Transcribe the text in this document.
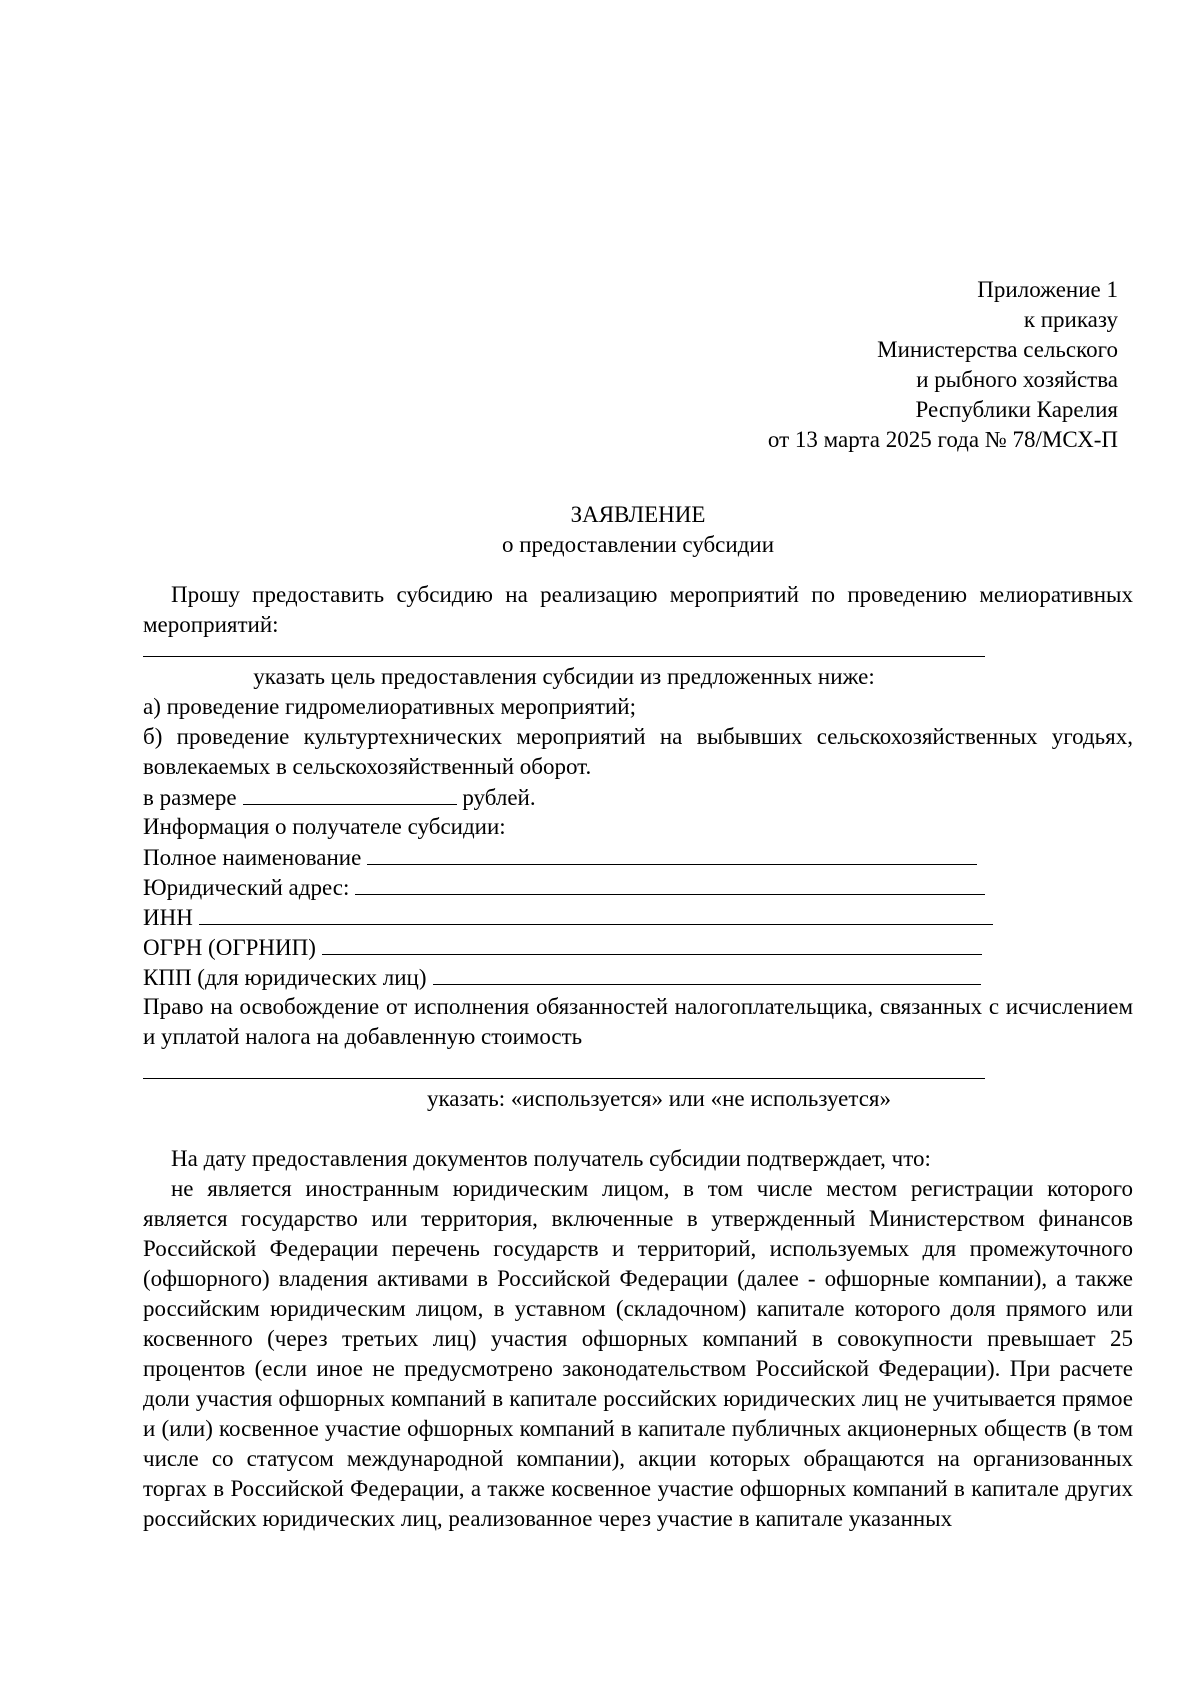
Приложение 1
к приказу
Министерства сельского
и рыбного хозяйства
Республики Карелия
от 13 марта 2025 года № 78/МСХ-П
ЗАЯВЛЕНИЕ
о предоставлении субсидии
Прошу предоставить субсидию на реализацию мероприятий по проведению мелиоративных мероприятий:
указать цель предоставления субсидии из предложенных ниже:
а) проведение гидромелиоративных мероприятий;
б) проведение культуртехнических мероприятий на выбывших сельскохозяйственных угодьях, вовлекаемых в сельскохозяйственный оборот.
в размере	рублей.
Информация о получателе субсидии:
Полное наименование
Юридический адрес:
ИНН
ОГРН (ОГРНИП)
КПП (для юридических лиц)
Право на освобождение от исполнения обязанностей налогоплательщика, связанных с исчислением и уплатой налога на добавленную стоимость
указать: «используется» или «не используется»
На дату предоставления документов получатель субсидии подтверждает, что:
не является иностранным юридическим лицом, в том числе местом регистрации которого является государство или территория, включенные в утвержденный Министерством финансов Российской Федерации перечень государств и территорий, используемых для промежуточного (офшорного) владения активами в Российской Федерации (далее - офшорные компании), а также российским юридическим лицом, в уставном (складочном) капитале которого доля прямого или косвенного (через третьих лиц) участия офшорных компаний в совокупности превышает 25 процентов (если иное не предусмотрено законодательством Российской Федерации). При расчете доли участия офшорных компаний в капитале российских юридических лиц не учитывается прямое и (или) косвенное участие офшорных компаний в капитале публичных акционерных обществ (в том числе со статусом международной компании), акции которых обращаются на организованных торгах в Российской Федерации, а также косвенное участие офшорных компаний в капитале других российских юридических лиц, реализованное через участие в капитале указанных
